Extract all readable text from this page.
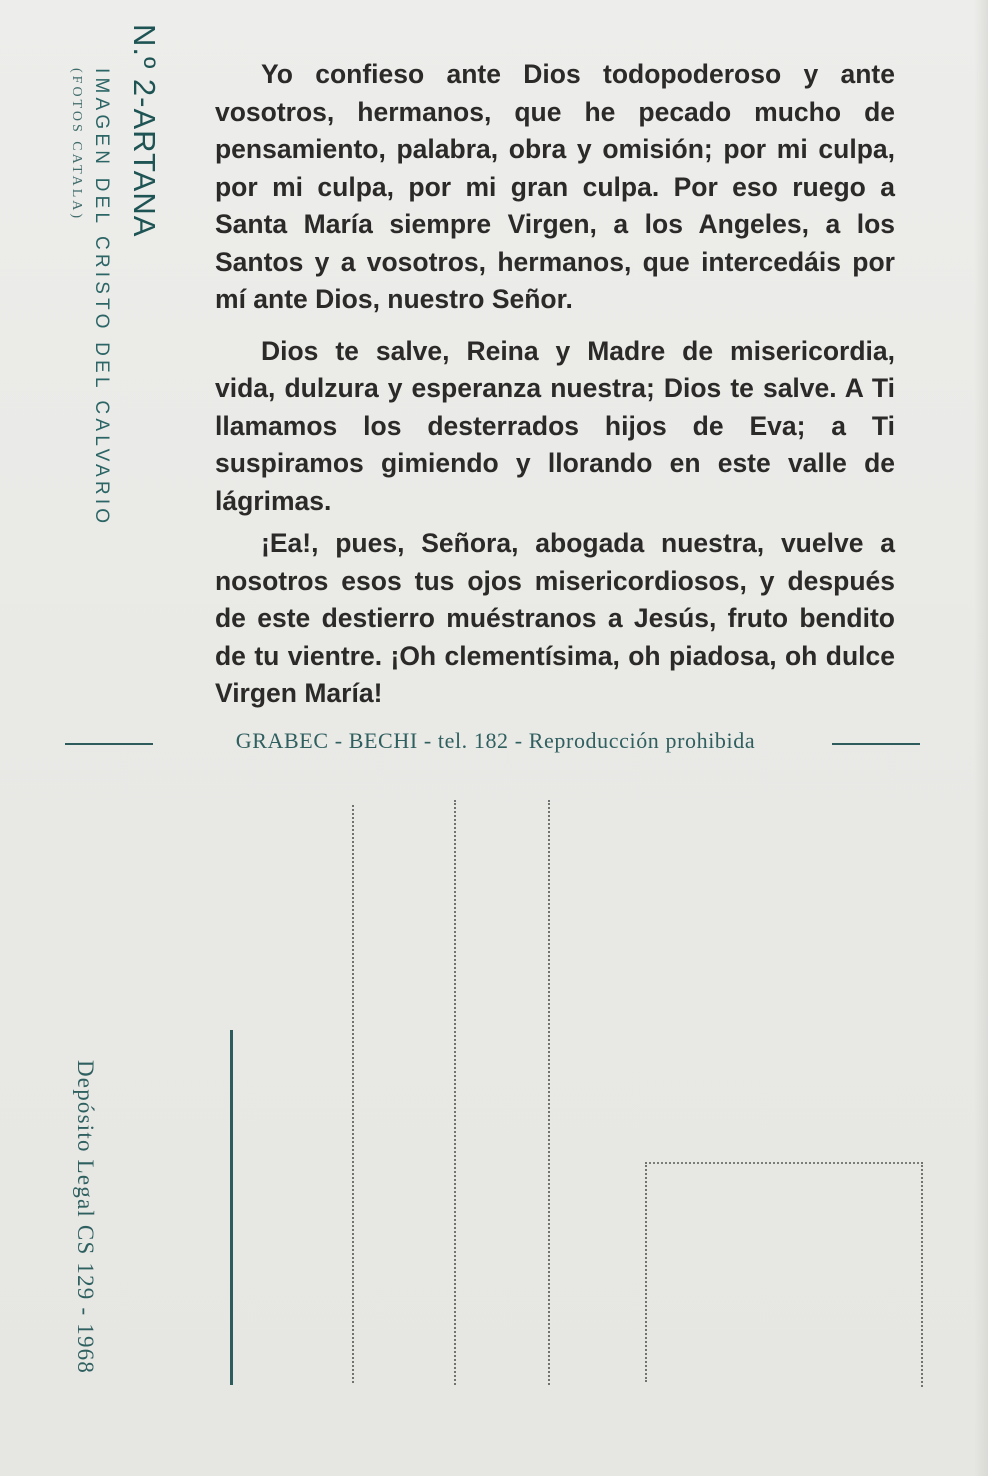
N.º 2-ARTANA
IMAGEN DEL CRISTO DEL CALVARIO
(FOTOS CATALA)
Depósito Legal CS 129 - 1968

Yo confieso ante Dios todopoderoso y ante vosotros, hermanos, que he pecado mucho de pensamiento, palabra, obra y omisión; por mi culpa, por mi culpa, por mi gran culpa. Por eso ruego a Santa María siempre Virgen, a los Angeles, a los Santos y a vosotros, hermanos, que intercedáis por mí ante Dios, nuestro Señor.

Dios te salve, Reina y Madre de misericordia, vida, dulzura y esperanza nuestra; Dios te salve. A Ti llamamos los desterrados hijos de Eva; a Ti suspiramos gimiendo y llorando en este valle de lágrimas.

¡Ea!, pues, Señora, abogada nuestra, vuelve a nosotros esos tus ojos misericordiosos, y después de este destierro muéstranos a Jesús, fruto bendito de tu vientre. ¡Oh clementísima, oh piadosa, oh dulce Virgen María!

GRABEC - BECHI - tel. 182 - Reproducción prohibida
